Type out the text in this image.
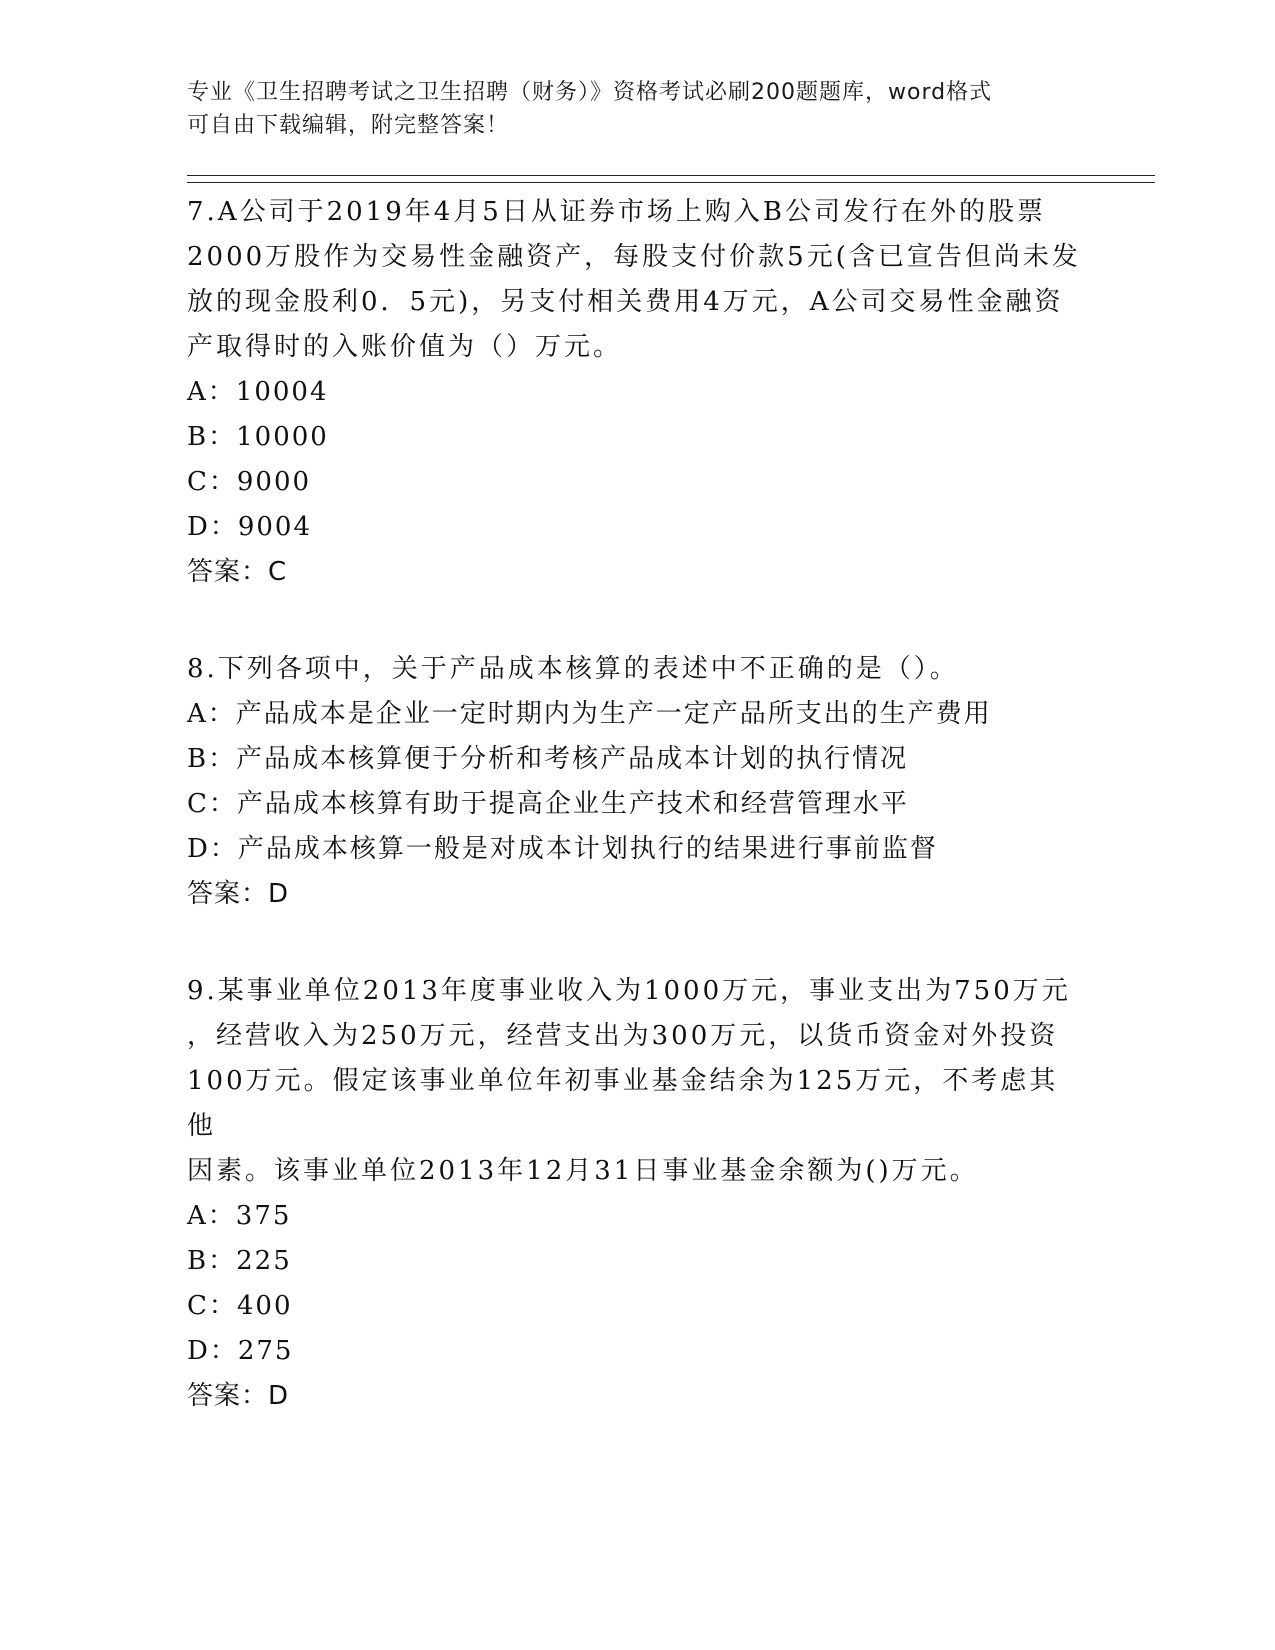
专业《卫生招聘考试之卫生招聘（财务）》资格考试必刷200题题库，word格式
可自由下载编辑，附完整答案！
7.A公司于2019年4月5日从证券市场上购入B公司发行在外的股票
2000万股作为交易性金融资产，每股支付价款5元(含已宣告但尚未发
放的现金股利0．5元)，另支付相关费用4万元，A公司交易性金融资
产取得时的入账价值为（）万元。
A：10004
B：10000
C：9000
D：9004
答案：C
8.下列各项中，关于产品成本核算的表述中不正确的是（）。
A：产品成本是企业一定时期内为生产一定产品所支出的生产费用
B：产品成本核算便于分析和考核产品成本计划的执行情况
C：产品成本核算有助于提高企业生产技术和经营管理水平
D：产品成本核算一般是对成本计划执行的结果进行事前监督
答案：D
9.某事业单位2013年度事业收入为1000万元，事业支出为750万元
，经营收入为250万元，经营支出为300万元，以货币资金对外投资
100万元。假定该事业单位年初事业基金结余为125万元，不考虑其他
因素。该事业单位2013年12月31日事业基金余额为()万元。
A：375
B：225
C：400
D：275
答案：D
